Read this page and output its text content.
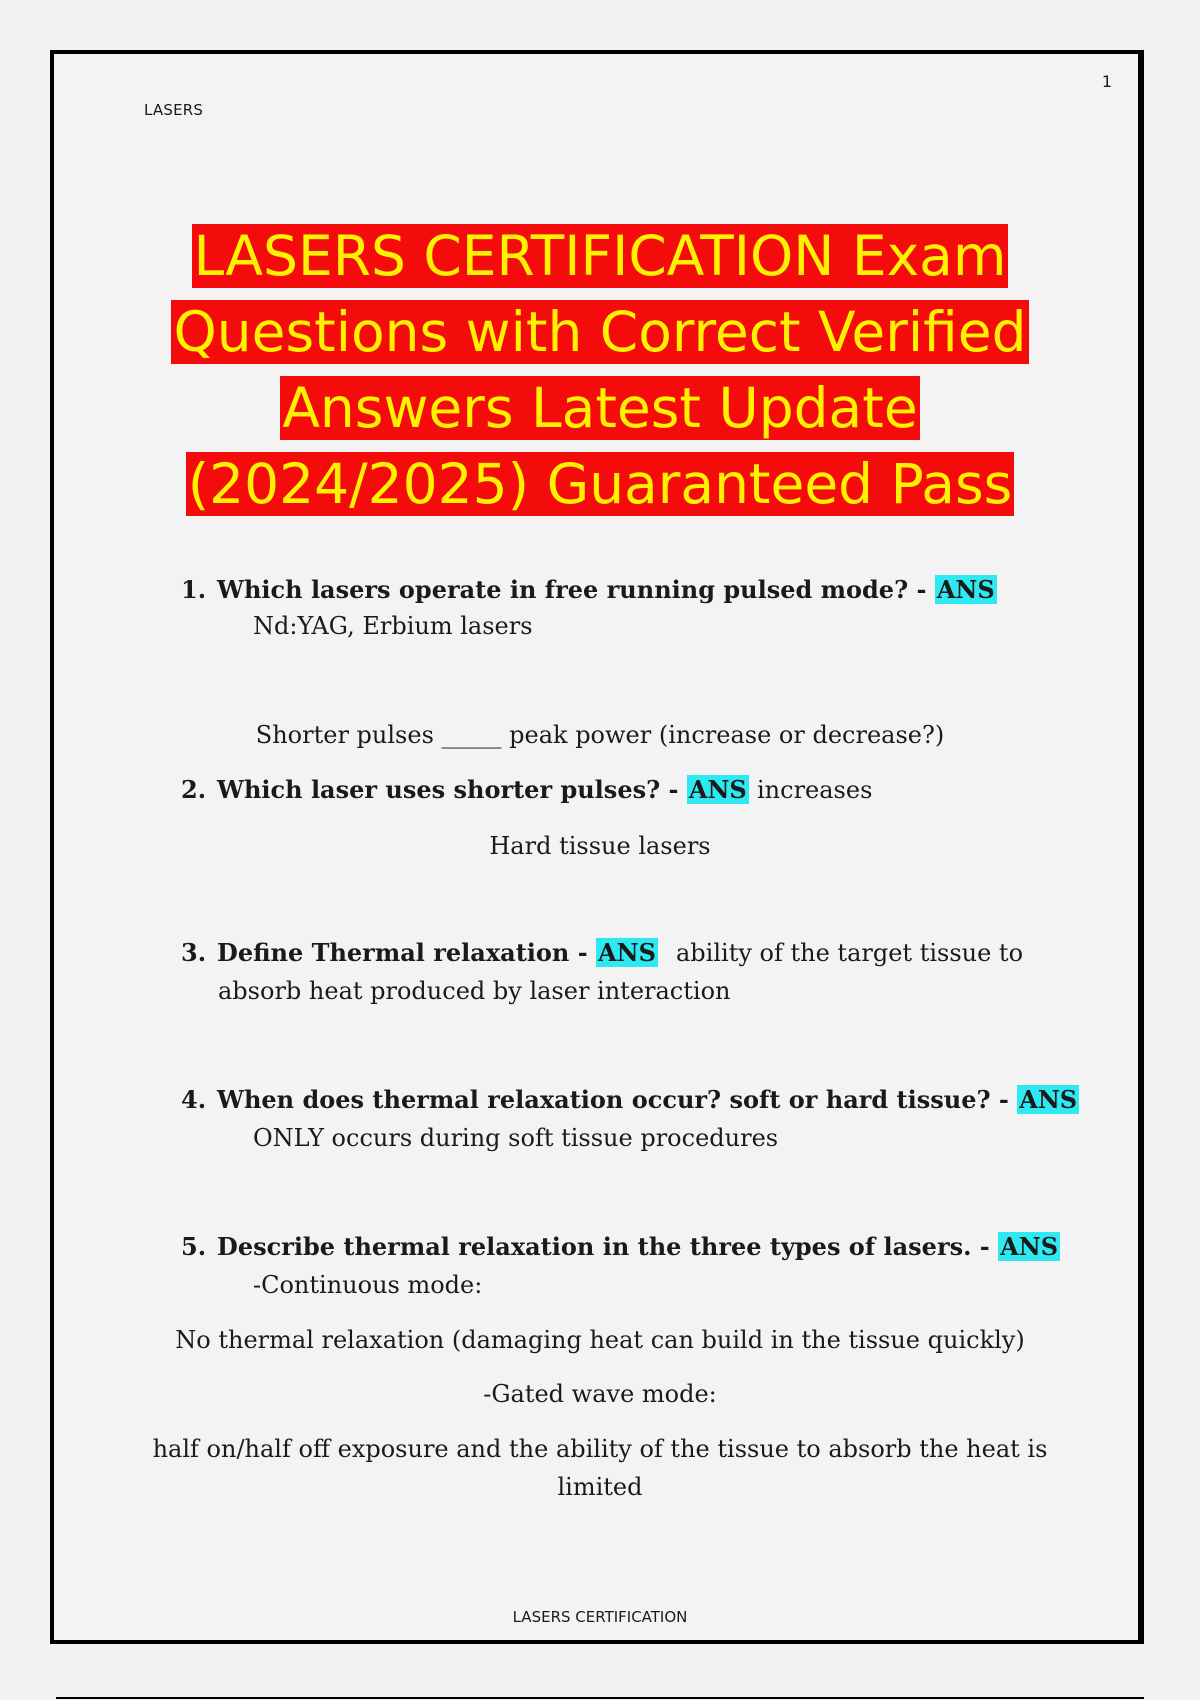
1
LASERS
LASERS CERTIFICATION Exam
Questions with Correct Verified
Answers Latest Update
(2024/2025) Guaranteed Pass
1. Which lasers operate in free running pulsed mode? - ANS
Nd:YAG, Erbium lasers
Shorter pulses _____ peak power (increase or decrease?)
2. Which laser uses shorter pulses? - ANS increases
Hard tissue lasers
3. Define Thermal relaxation - ANS ability of the target tissue to
absorb heat produced by laser interaction
4. When does thermal relaxation occur? soft or hard tissue? - ANS
ONLY occurs during soft tissue procedures
5. Describe thermal relaxation in the three types of lasers. - ANS
-Continuous mode:
No thermal relaxation (damaging heat can build in the tissue quickly)
-Gated wave mode:
half on/half off exposure and the ability of the tissue to absorb the heat is
limited
LASERS CERTIFICATION
